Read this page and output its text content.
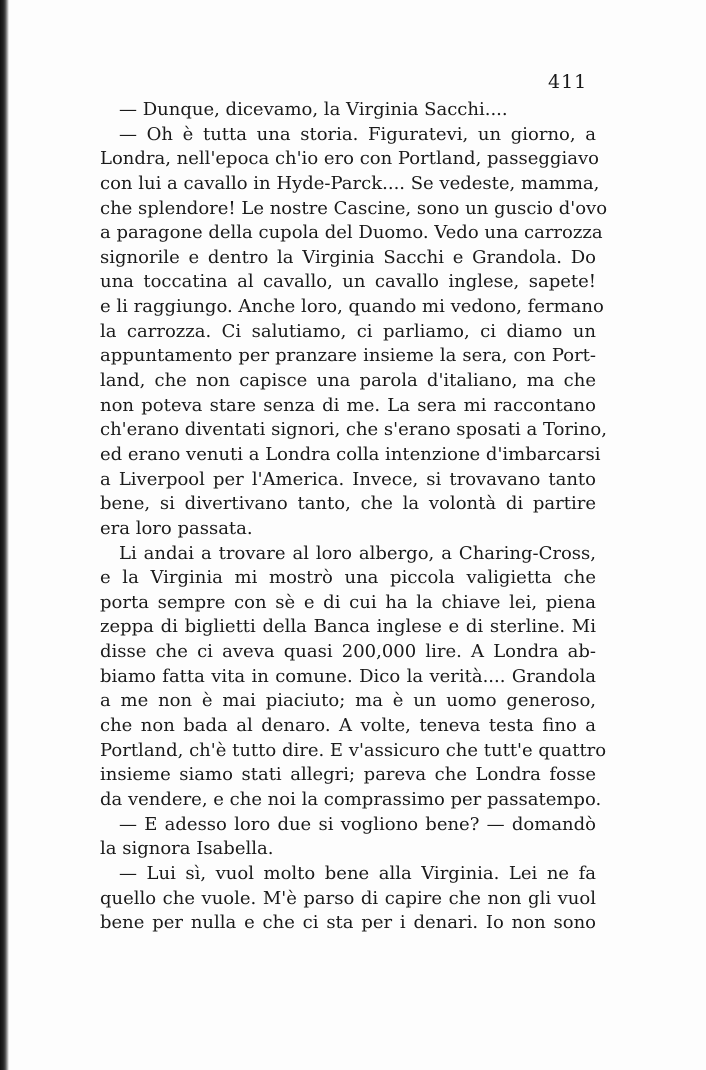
411
— Dunque, dicevamo, la Virginia Sacchi....
— Oh è tutta una storia. Figuratevi, un giorno, a
Londra, nell'epoca ch'io ero con Portland, passeggiavo
con lui a cavallo in Hyde-Parck.... Se vedeste, mamma,
che splendore! Le nostre Cascine, sono un guscio d'ovo
a paragone della cupola del Duomo. Vedo una carrozza
signorile e dentro la Virginia Sacchi e Grandola. Do
una toccatina al cavallo, un cavallo inglese, sapete!
e li raggiungo. Anche loro, quando mi vedono, fermano
la carrozza. Ci salutiamo, ci parliamo, ci diamo un
appuntamento per pranzare insieme la sera, con Port-
land, che non capisce una parola d'italiano, ma che
non poteva stare senza di me. La sera mi raccontano
ch'erano diventati signori, che s'erano sposati a Torino,
ed erano venuti a Londra colla intenzione d'imbarcarsi
a Liverpool per l'America. Invece, si trovavano tanto
bene, si divertivano tanto, che la volontà di partire
era loro passata.
Li andai a trovare al loro albergo, a Charing-Cross,
e la Virginia mi mostrò una piccola valigietta che
porta sempre con sè e di cui ha la chiave lei, piena
zeppa di biglietti della Banca inglese e di sterline. Mi
disse che ci aveva quasi 200,000 lire. A Londra ab-
biamo fatta vita in comune. Dico la verità.... Grandola
a me non è mai piaciuto; ma è un uomo generoso,
che non bada al denaro. A volte, teneva testa fino a
Portland, ch'è tutto dire. E v'assicuro che tutt'e quattro
insieme siamo stati allegri; pareva che Londra fosse
da vendere, e che noi la comprassimo per passatempo.
— E adesso loro due si vogliono bene? — domandò
la signora Isabella.
— Lui sì, vuol molto bene alla Virginia. Lei ne fa
quello che vuole. M'è parso di capire che non gli vuol
bene per nulla e che ci sta per i denari. Io non sono
